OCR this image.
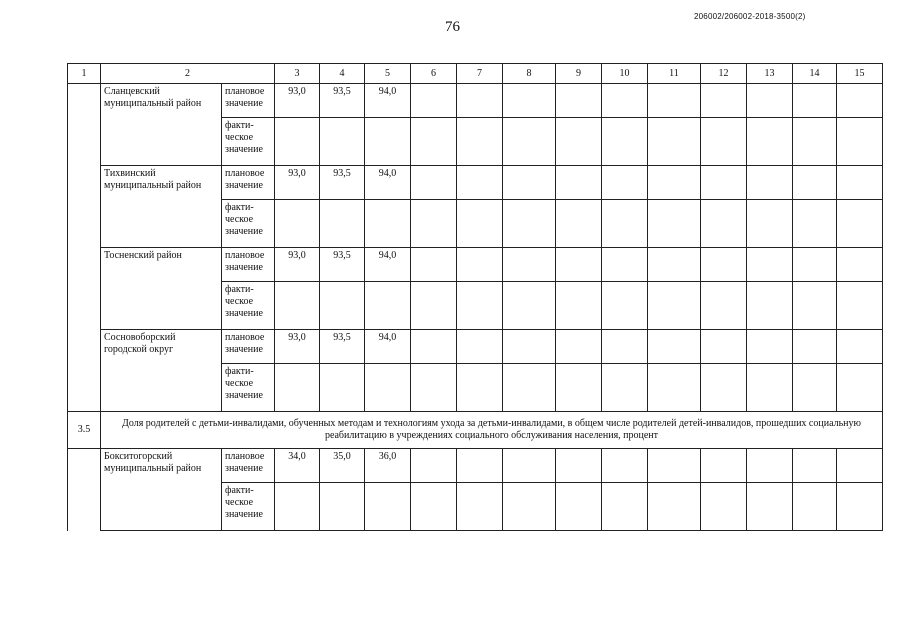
76
206002/206002-2018-3500(2)
1	2		3	4	5	6	7	8	9	10	11	12	13	14	15
	Сланцевский муниципальный район	плановое значение	93,0	93,5	94,0										
		факти-
ческое
значение													
	Тихвинский муниципальный район	плановое значение	93,0	93,5	94,0										
		факти-
ческое
значение													
	Тосненский район	плановое значение	93,0	93,5	94,0										
		факти-
ческое
значение													
	Сосновоборский городской округ	плановое значение	93,0	93,5	94,0										
		факти-
ческое
значение													
3.5	Доля родителей с детьми-инвалидами, обученных методам и технологиям ухода за детьми-инвалидами, в общем числе родителей детей-инвалидов, прошедших социальную реабилитацию в учреждениях социального обслуживания населения, процент														
	Бокситогорский муниципальный район	плановое значение	34,0	35,0	36,0										
		факти-
ческое
значение													
